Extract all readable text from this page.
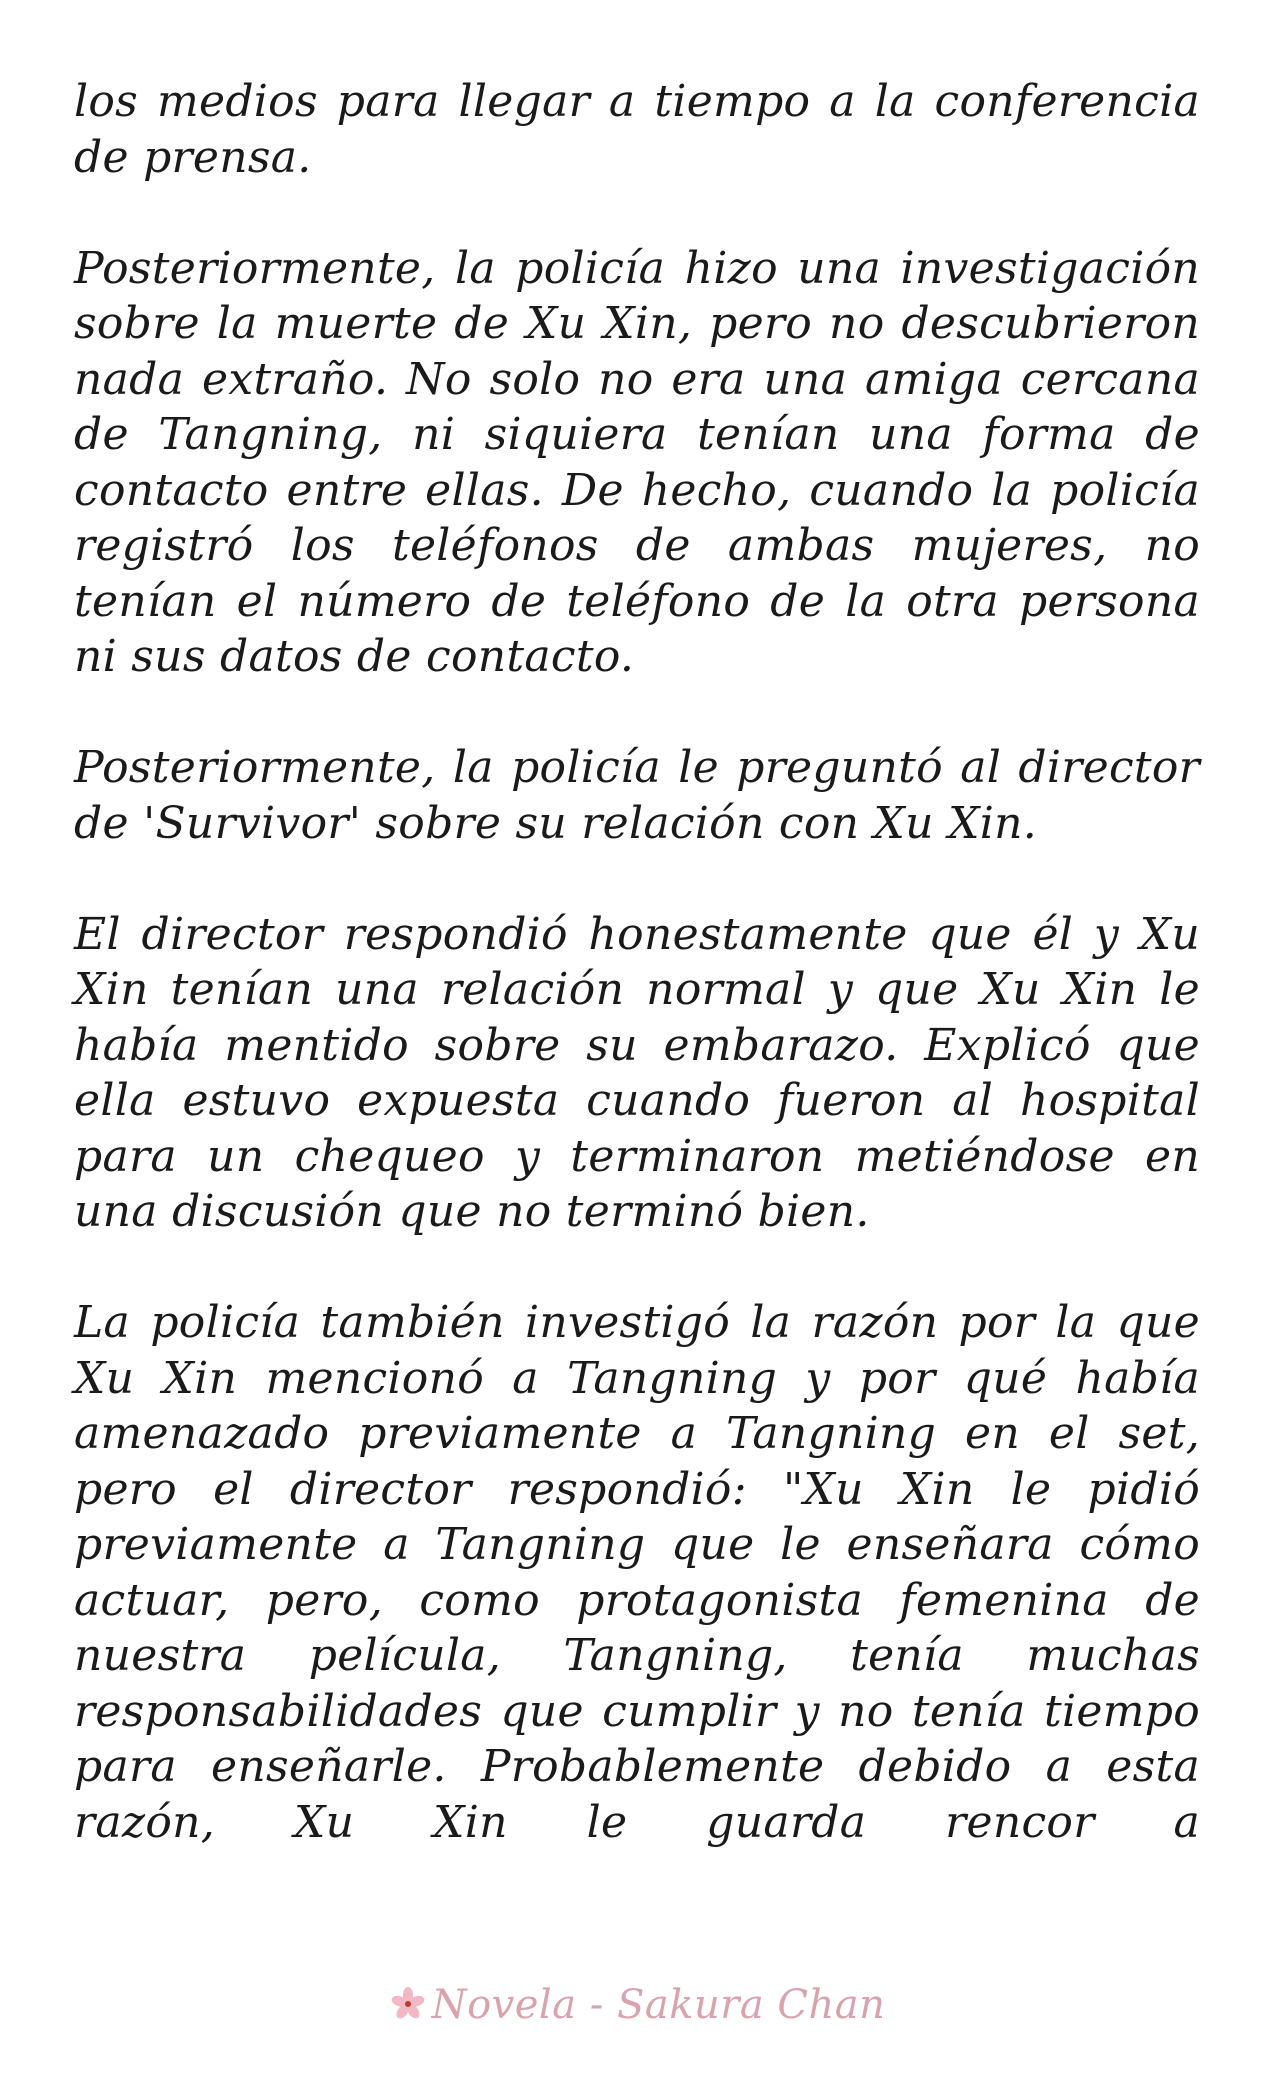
los medios para llegar a tiempo a la conferencia de prensa.

Posteriormente, la policía hizo una investigación sobre la muerte de Xu Xin, pero no descubrieron nada extraño. No solo no era una amiga cercana de Tangning, ni siquiera tenían una forma de contacto entre ellas. De hecho, cuando la policía registró los teléfonos de ambas mujeres, no tenían el número de teléfono de la otra persona ni sus datos de contacto.

Posteriormente, la policía le preguntó al director de 'Survivor' sobre su relación con Xu Xin.

El director respondió honestamente que él y Xu Xin tenían una relación normal y que Xu Xin le había mentido sobre su embarazo. Explicó que ella estuvo expuesta cuando fueron al hospital para un chequeo y terminaron metiéndose en una discusión que no terminó bien.

La policía también investigó la razón por la que Xu Xin mencionó a Tangning y por qué había amenazado previamente a Tangning en el set, pero el director respondió: "Xu Xin le pidió previamente a Tangning que le enseñara cómo actuar, pero, como protagonista femenina de nuestra película, Tangning, tenía muchas responsabilidades que cumplir y no tenía tiempo para enseñarle. Probablemente debido a esta razón, Xu Xin le guarda rencor a

Novela - Sakura Chan
